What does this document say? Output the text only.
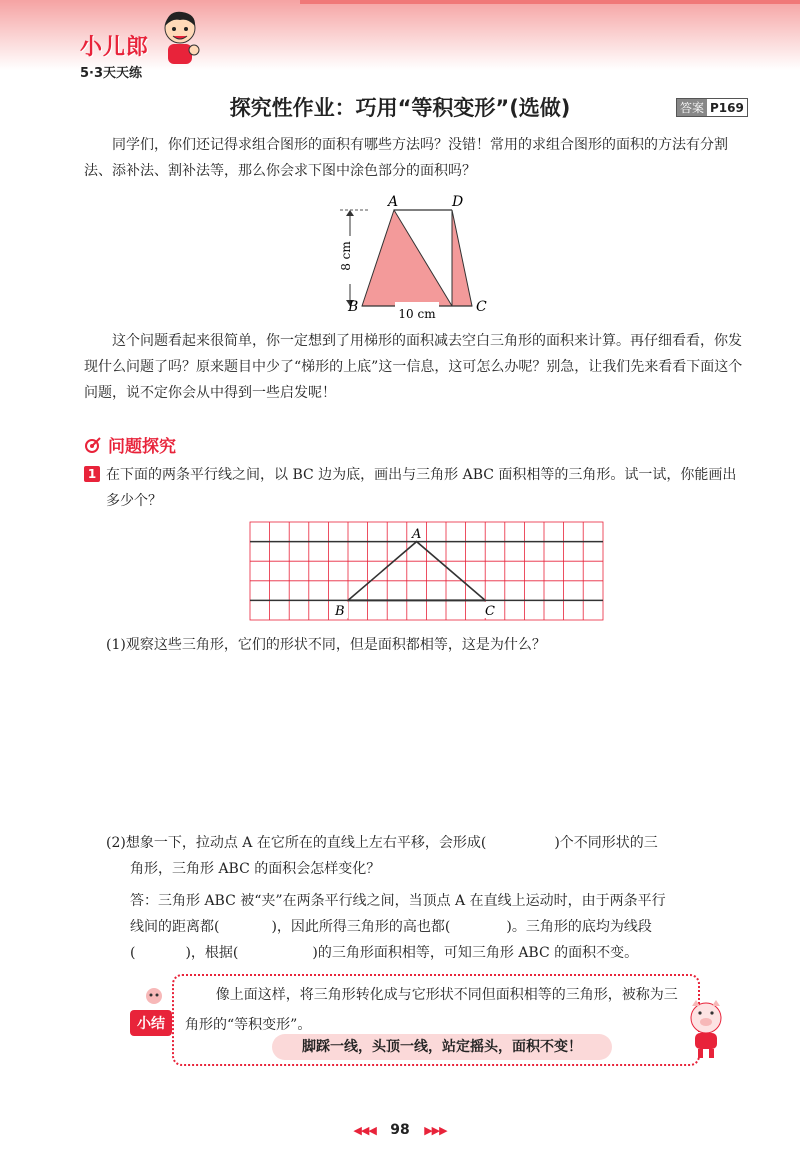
小儿郎
5·3天天练
探究性作业：巧用“等积变形”(选做)	答案 P169

同学们，你们还记得求组合图形的面积有哪些方法吗？没错！常用的求组合图形的面积的方法有分割法、添补法、割补法等，那么你会求下图中涂色部分的面积吗？

A	D
B	C
8 cm
10 cm

这个问题看起来很简单，你一定想到了用梯形的面积减去空白三角形的面积来计算。再仔细看看，你发现什么问题了吗？原来题目中少了“梯形的上底”这一信息，这可怎么办呢？别急，让我们先来看看下面这个问题，说不定你会从中得到一些启发呢！

问题探究
1 在下面的两条平行线之间，以 BC 边为底，画出与三角形 ABC 面积相等的三角形。试一试，你能画出多少个？

A
B	C

(1)观察这些三角形，它们的形状不同，但是面积都相等，这是为什么？

(2)想象一下，拉动点 A 在它所在的直线上左右平移，会形成(	)个不同形状的三

角形，三角形 ABC 的面积会怎样变化？

答：三角形 ABC 被“夹”在两条平行线之间，当顶点 A 在直线上运动时，由于两条平行

线间的距离都(	)，因此所得三角形的高也都(	)。三角形的底均为线段

(	)，根据(	)的三角形面积相等，可知三角形 ABC 的面积不变。

小结

像上面这样，将三角形转化成与它形状不同但面积相等的三角形，被称为三角形的“等积变形”。

脚踩一线，头顶一线，站定摇头，面积不变！
◀◀◀ 98 ▶▶▶
